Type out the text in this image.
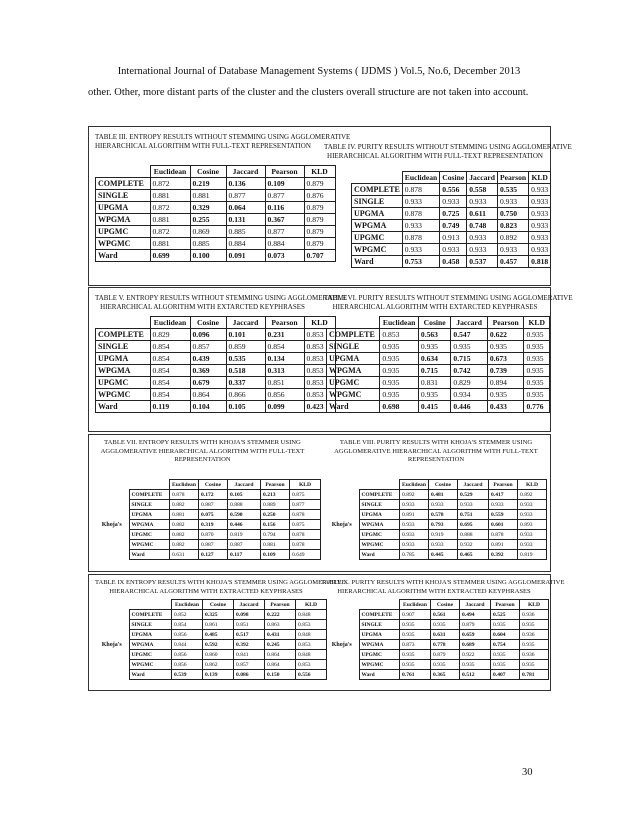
International Journal of Database Management Systems ( IJDMS ) Vol.5, No.6, December 2013
other. Other, more distant parts of the cluster and the clusters overall structure are not taken into account.

TABLE III. ENTROPY RESULTS WITHOUT STEMMING USING AGGLOMERATIVE

HIERARCHICAL ALGORITHM WITH FULL-TEXT REPRESENTATION

	Euclidean	Cosine	Jaccard	Pearson	KLD
COMPLETE	0.872	0.219	0.136	0.109	0.879
SINGLE	0.881	0.881	0.877	0.877	0.876
UPGMA	0.872	0.329	0.064	0.116	0.879
WPGMA	0.881	0.255	0.131	0.367	0.879
UPGMC	0.872	0.869	0.885	0.877	0.879
WPGMC	0.881	0.885	0.884	0.884	0.879
Ward	0.699	0.100	0.091	0.073	0.707

TABLE IV. PURITY RESULTS WITHOUT STEMMING USING AGGLOMERATIVE

HIERARCHICAL ALGORITHM WITH FULL-TEXT REPRESENTATION

	Euclidean	Cosine	Jaccard	Pearson	KLD
COMPLETE	0.878	0.556	0.558	0.535	0.933
SINGLE	0.933	0.933	0.933	0.933	0.933
UPGMA	0.878	0.725	0.611	0.750	0.933
WPGMA	0.933	0.749	0.748	0.823	0.933
UPGMC	0.878	0.913	0.933	0.892	0.933
WPGMC	0.933	0.933	0.933	0.933	0.933
Ward	0.753	0.458	0.537	0.457	0.818

TABLE V. ENTROPY RESULTS WITHOUT STEMMING USING AGGLOMERATIVE

HIERARCHICAL ALGORITHM WITH EXTARCTED KEYPHRASES

	Euclidean	Cosine	Jaccard	Pearson	KLD
COMPLETE	0.829	0.096	0.101	0.231	0.853
SINGLE	0.854	0.857	0.859	0.854	0.853
UPGMA	0.854	0.439	0.535	0.134	0.853
WPGMA	0.854	0.369	0.518	0.313	0.853
UPGMC	0.854	0.679	0.337	0.851	0.853
WPGMC	0.854	0.864	0.866	0.856	0.853
Ward	0.119	0.104	0.105	0.099	0.423

TABLE VI. PURITY RESULTS WITHOUT STEMMING USING AGGLOMERATIVE

HIERARCHICAL ALGORITHM WITH EXTARCTED KEYPHRASES

	Euclidean	Cosine	Jaccard	Pearson	KLD
COMPLETE	0.853	0.563	0.547	0.622	0.935
SINGLE	0.935	0.935	0.935	0.935	0.935
UPGMA	0.935	0.634	0.715	0.673	0.935
WPGMA	0.935	0.715	0.742	0.739	0.935
UPGMC	0.935	0.831	0.829	0.894	0.935
WPGMC	0.935	0.935	0.934	0.935	0.935
Ward	0.698	0.415	0.446	0.433	0.776

TABLE VII. ENTROPY RESULTS WITH KHOJA'S STEMMER USING

AGGLOMERATIVE HIERARCHICAL ALGORITHM WITH FULL-TEXT

REPRESENTATION

		Euclidean	Cosine	Jaccard	Pearson	KLD
Khoja's	COMPLETE	0.878	0.172	0.105	0.213	0.875
	SINGLE	0.882	0.887	0.888	0.889	0.877
	UPGMA	0.881	0.075	0.590	0.250	0.878
	WPGMA	0.882	0.319	0.446	0.156	0.875
	UPGMC	0.882	0.870	0.819	0.794	0.878
	WPGMC	0.882	0.887	0.887	0.881	0.878
	Ward	0.631	0.127	0.117	0.109	0.649

TABLE VIII. PURITY RESULTS WITH KHOJA'S STEMMER USING

AGGLOMERATIVE HIERARCHICAL ALGORITHM WITH FULL-TEXT

REPRESENTATION

		Euclidean	Cosine	Jaccard	Pearson	KLD
Khoja's	COMPLETE	0.892	0.481	0.529	0.417	0.892
	SINGLE	0.933	0.933	0.933	0.933	0.933
	UPGMA	0.891	0.578	0.751	0.559	0.933
	WPGMA	0.933	0.793	0.695	0.601	0.893
	UPGMC	0.933	0.919	0.888	0.878	0.933
	WPGMC	0.933	0.933	0.932	0.891	0.933
	Ward	0.785	0.445	0.465	0.392	0.819

TABLE IX ENTROPY RESULTS WITH KHOJA'S STEMMER USING AGGLOMERATIVE

HIERARCHICAL ALGORITHM WITH EXTRACTED KEYPHRASES

		Euclidean	Cosine	Jaccard	Pearson	KLD
Khoja's	COMPLETE	0.852	0.325	0.098	0.222	0.848
	SINGLE	0.854	0.861	0.851	0.863	0.853
	UPGMA	0.856	0.485	0.517	0.431	0.848
	WPGMA	0.844	0.592	0.392	0.245	0.853
	UPGMC	0.856	0.860	0.841	0.864	0.848
	WPGMC	0.856	0.862	0.857	0.864	0.853
	Ward	0.539	0.139	0.086	0.150	0.556

TABLE X. PURITY RESULTS WITH KHOJA'S STEMMER USING AGGLOMERATIVE

HIERARCHICAL ALGORITHM WITH EXTRACTED KEYPHRASES

		Euclidean	Cosine	Jaccard	Pearson	KLD
Khoja's	COMPLETE	0.907	0.561	0.494	0.525	0.936
	SINGLE	0.935	0.935	0.879	0.935	0.935
	UPGMA	0.935	0.631	0.659	0.604	0.936
	WPGMA	0.873	0.778	0.689	0.754	0.935
	UPGMC	0.935	0.879	0.922	0.935	0.936
	WPGMC	0.935	0.935	0.935	0.935	0.935
	Ward	0.761	0.365	0.512	0.407	0.781
30
